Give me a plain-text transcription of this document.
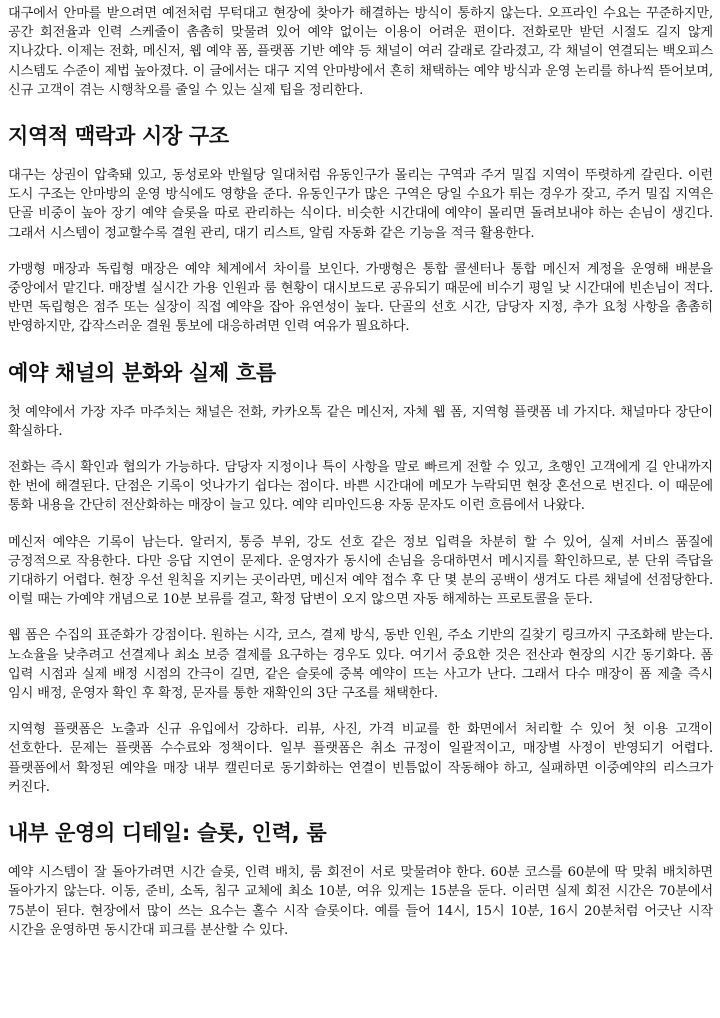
대구에서 안마를 받으려면 예전처럼 무턱대고 현장에 찾아가 해결하는 방식이 통하지 않는다. 오프라인 수요는 꾸준하지만, 공간 회전율과 인력 스케줄이 촘촘히 맞물려 있어 예약 없이는 이용이 어려운 편이다. 전화로만 받던 시절도 길지 않게 지나갔다. 이제는 전화, 메신저, 웹 예약 폼, 플랫폼 기반 예약 등 채널이 여러 갈래로 갈라졌고, 각 채널이 연결되는 백오피스 시스템도 수준이 제법 높아졌다. 이 글에서는 대구 지역 안마방에서 흔히 채택하는 예약 방식과 운영 논리를 하나씩 뜯어보며, 신규 고객이 겪는 시행착오를 줄일 수 있는 실제 팁을 정리한다.

지역적 맥락과 시장 구조

대구는 상권이 압축돼 있고, 동성로와 반월당 일대처럼 유동인구가 몰리는 구역과 주거 밀집 지역이 뚜렷하게 갈린다. 이런 도시 구조는 안마방의 운영 방식에도 영향을 준다. 유동인구가 많은 구역은 당일 수요가 튀는 경우가 잦고, 주거 밀집 지역은 단골 비중이 높아 장기 예약 슬롯을 따로 관리하는 식이다. 비슷한 시간대에 예약이 몰리면 돌려보내야 하는 손님이 생긴다. 그래서 시스템이 정교할수록 결원 관리, 대기 리스트, 알림 자동화 같은 기능을 적극 활용한다.

가맹형 매장과 독립형 매장은 예약 체계에서 차이를 보인다. 가맹형은 통합 콜센터나 통합 메신저 계정을 운영해 배분을 중앙에서 맡긴다. 매장별 실시간 가용 인원과 룸 현황이 대시보드로 공유되기 때문에 비수기 평일 낮 시간대에 빈손님이 적다. 반면 독립형은 점주 또는 실장이 직접 예약을 잡아 유연성이 높다. 단골의 선호 시간, 담당자 지정, 추가 요청 사항을 촘촘히 반영하지만, 갑작스러운 결원 통보에 대응하려면 인력 여유가 필요하다.

예약 채널의 분화와 실제 흐름

첫 예약에서 가장 자주 마주치는 채널은 전화, 카카오톡 같은 메신저, 자체 웹 폼, 지역형 플랫폼 네 가지다. 채널마다 장단이 확실하다.

전화는 즉시 확인과 협의가 가능하다. 담당자 지정이나 특이 사항을 말로 빠르게 전할 수 있고, 초행인 고객에게 길 안내까지 한 번에 해결된다. 단점은 기록이 엇나가기 쉽다는 점이다. 바쁜 시간대에 메모가 누락되면 현장 혼선으로 번진다. 이 때문에 통화 내용을 간단히 전산화하는 매장이 늘고 있다. 예약 리마인드용 자동 문자도 이런 흐름에서 나왔다.

메신저 예약은 기록이 남는다. 알러지, 통증 부위, 강도 선호 같은 정보 입력을 차분히 할 수 있어, 실제 서비스 품질에 긍정적으로 작용한다. 다만 응답 지연이 문제다. 운영자가 동시에 손님을 응대하면서 메시지를 확인하므로, 분 단위 즉답을 기대하기 어렵다. 현장 우선 원칙을 지키는 곳이라면, 메신저 예약 접수 후 단 몇 분의 공백이 생겨도 다른 채널에 선점당한다. 이럴 때는 가예약 개념으로 10분 보류를 걸고, 확정 답변이 오지 않으면 자동 해제하는 프로토콜을 둔다.

웹 폼은 수집의 표준화가 강점이다. 원하는 시각, 코스, 결제 방식, 동반 인원, 주소 기반의 길찾기 링크까지 구조화해 받는다. 노쇼율을 낮추려고 선결제나 최소 보증 결제를 요구하는 경우도 있다. 여기서 중요한 것은 전산과 현장의 시간 동기화다. 폼 입력 시점과 실제 배정 시점의 간극이 길면, 같은 슬롯에 중복 예약이 뜨는 사고가 난다. 그래서 다수 매장이 폼 제출 즉시 임시 배정, 운영자 확인 후 확정, 문자를 통한 재확인의 3단 구조를 채택한다.

지역형 플랫폼은 노출과 신규 유입에서 강하다. 리뷰, 사진, 가격 비교를 한 화면에서 처리할 수 있어 첫 이용 고객이 선호한다. 문제는 플랫폼 수수료와 정책이다. 일부 플랫폼은 취소 규정이 일괄적이고, 매장별 사정이 반영되기 어렵다. 플랫폼에서 확정된 예약을 매장 내부 캘린더로 동기화하는 연결이 빈틈없이 작동해야 하고, 실패하면 이중예약의 리스크가 커진다.

내부 운영의 디테일: 슬롯, 인력, 룸

예약 시스템이 잘 돌아가려면 시간 슬롯, 인력 배치, 룸 회전이 서로 맞물려야 한다. 60분 코스를 60분에 딱 맞춰 배치하면 돌아가지 않는다. 이동, 준비, 소독, 침구 교체에 최소 10분, 여유 있게는 15분을 둔다. 이러면 실제 회전 시간은 70분에서 75분이 된다. 현장에서 많이 쓰는 요수는 홀수 시작 슬롯이다. 예를 들어 14시, 15시 10분, 16시 20분처럼 어긋난 시작 시간을 운영하면 동시간대 피크를 분산할 수 있다.
